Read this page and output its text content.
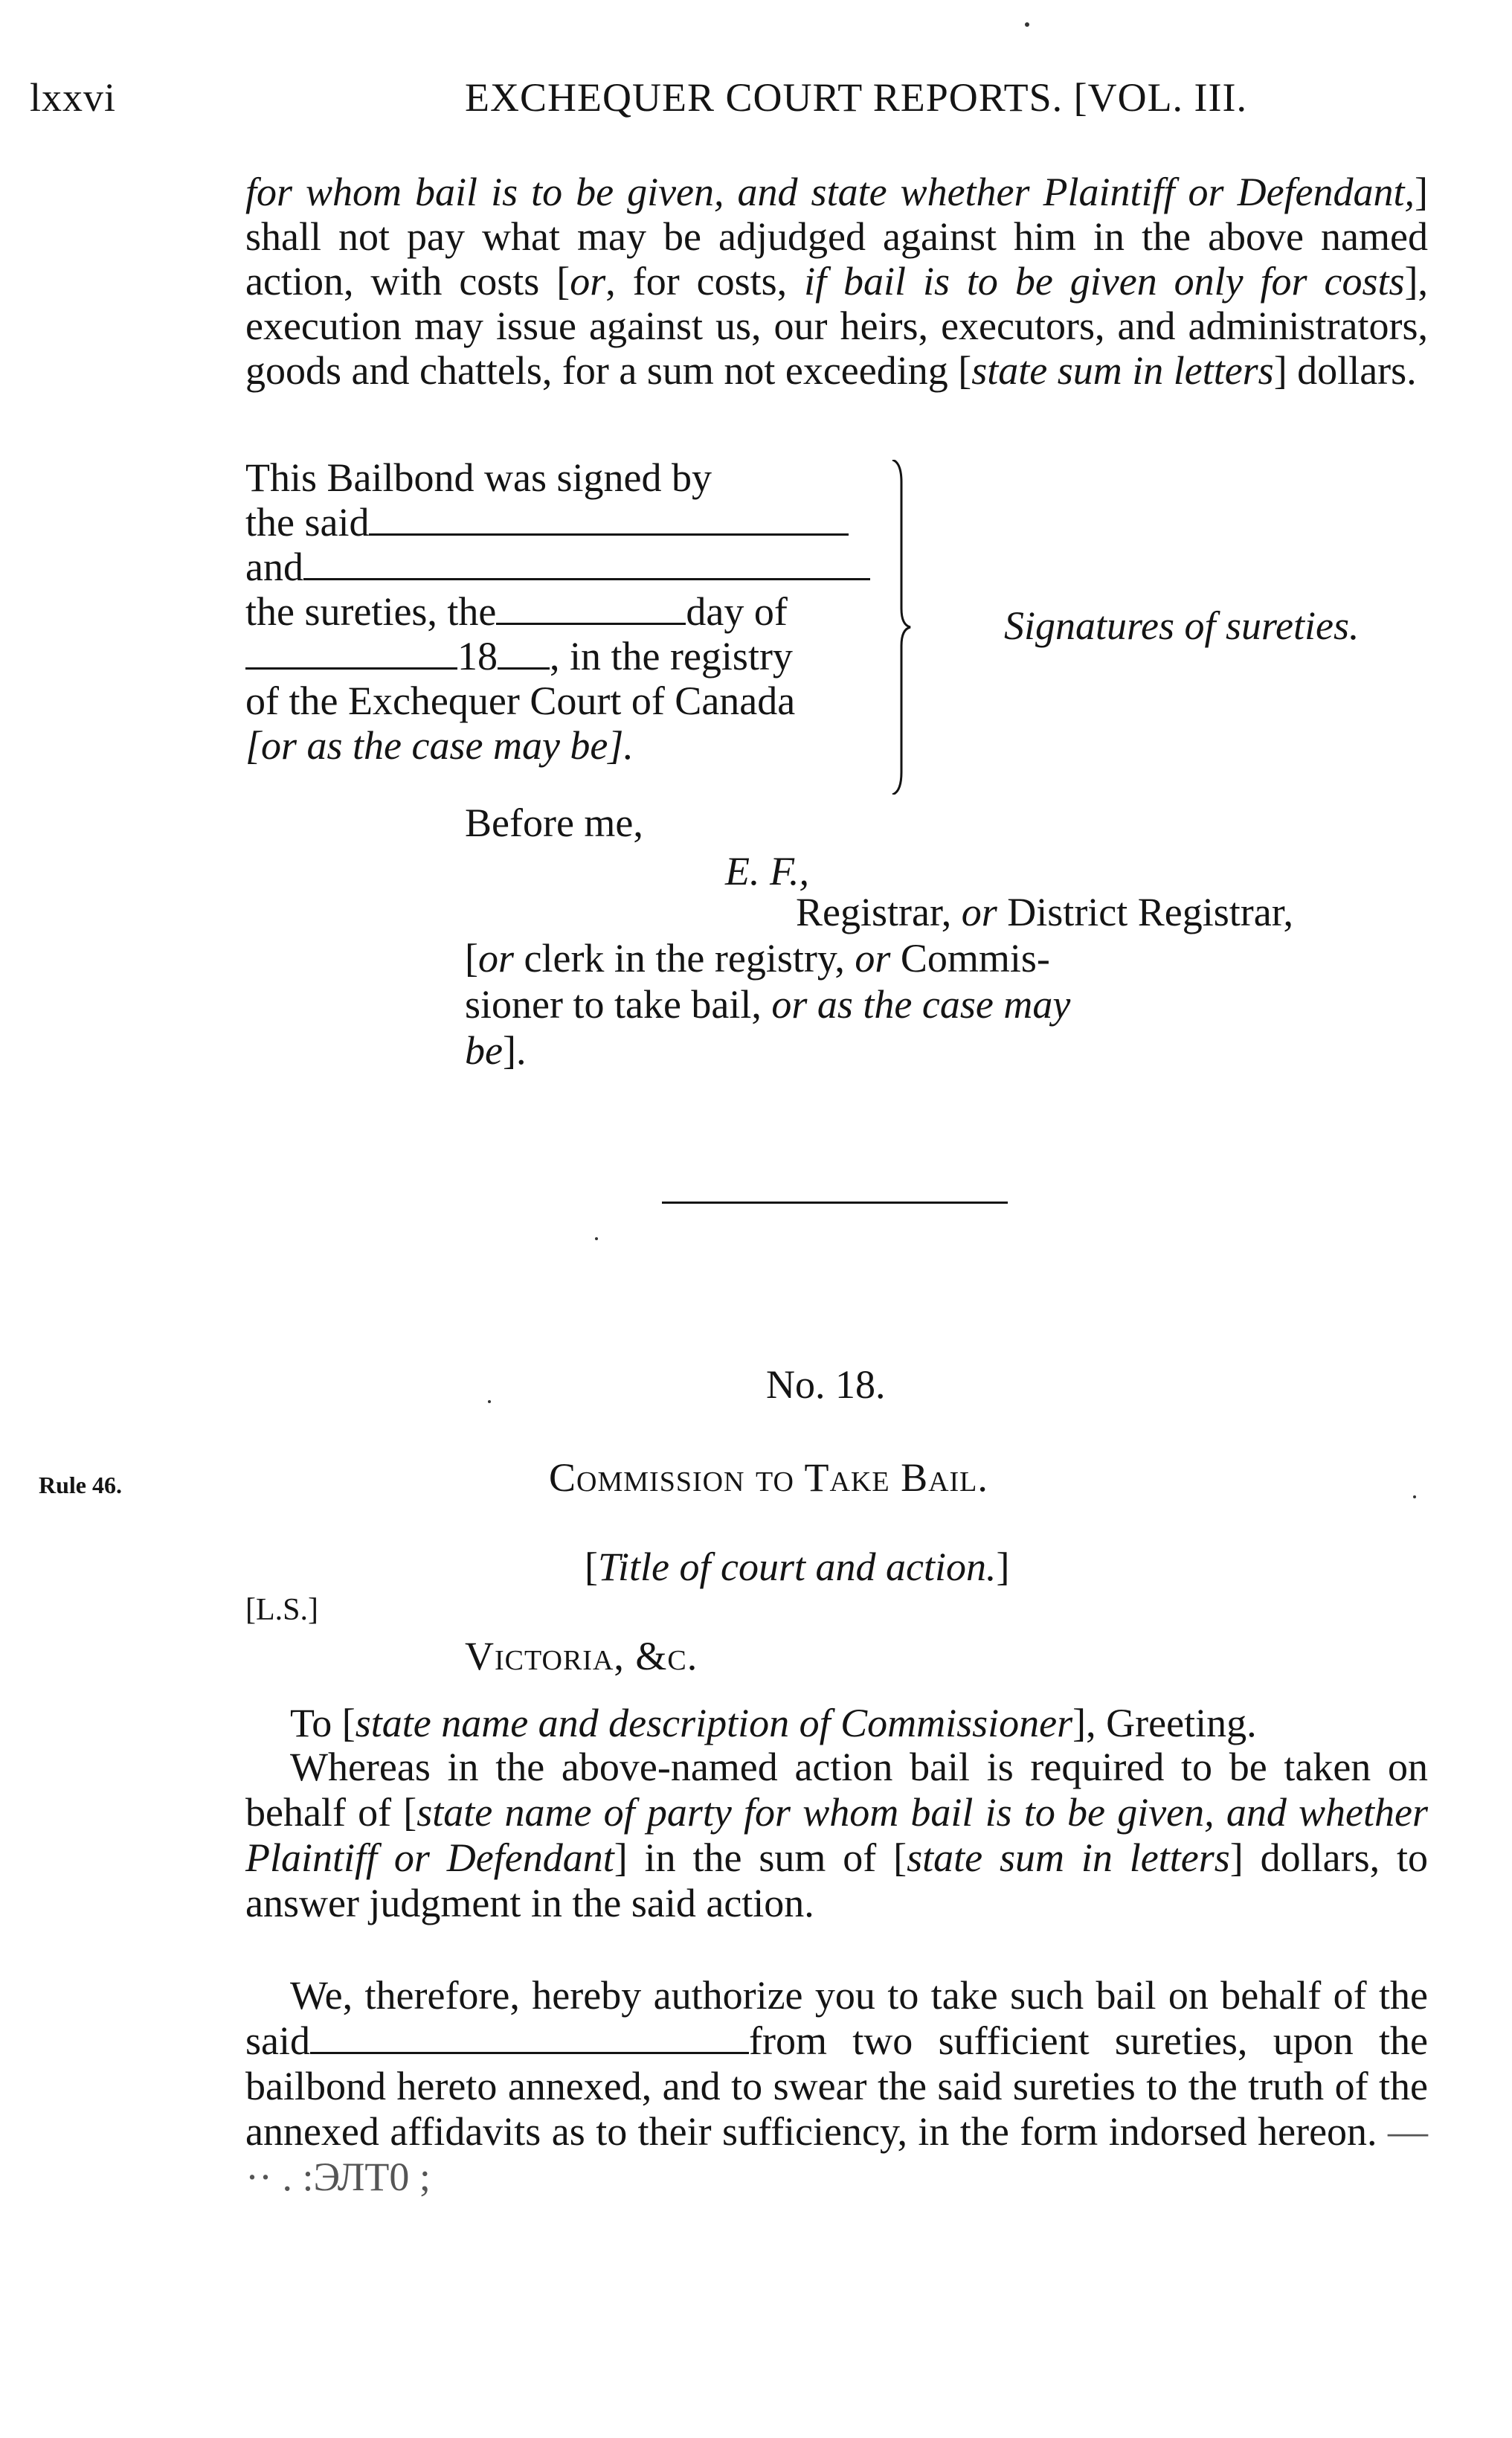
lxxvi	EXCHEQUER COURT REPORTS. [VOL. III.

for whom bail is to be given, and state whether Plaintiff or Defendant,] shall not pay what may be adjudged against him in the above named action, with costs [or, for costs, if bail is to be given only for costs], execution may issue against us, our heirs, executors, and administrators, goods and chattels, for a sum not exceeding [state sum in letters] dollars.

This Bailbond was signed by
the said
and
the sureties, the	day of
18 , in the registry
of the Exchequer Court of Canada
[or as the case may be].
Signatures of sureties.
Before me,
E. F.,
Registrar, or District Registrar,
[or clerk in the registry, or Commis-
sioner to take bail, or as the case may
be].
No. 18.
Rule 46.	Commission to Take Bail.
[Title of court and action.]
[L.S.]
Victoria, &c.
To [state name and description of Commissioner], Greeting.

Whereas in the above-named action bail is required to be taken on behalf of [state name of party for whom bail is to be given, and whether Plaintiff or Defendant] in the sum of [state sum in letters] dollars, to answer judgment in the said action.

We, therefore, hereby authorize you to take such bail on behalf of the said	from two sufficient sureties, upon the bailbond hereto annexed, and to swear the said sureties to the truth of the annexed affidavits as to their sufficiency, in the form indorsed hereon. — ·· . :ЭЛТ0 ;
